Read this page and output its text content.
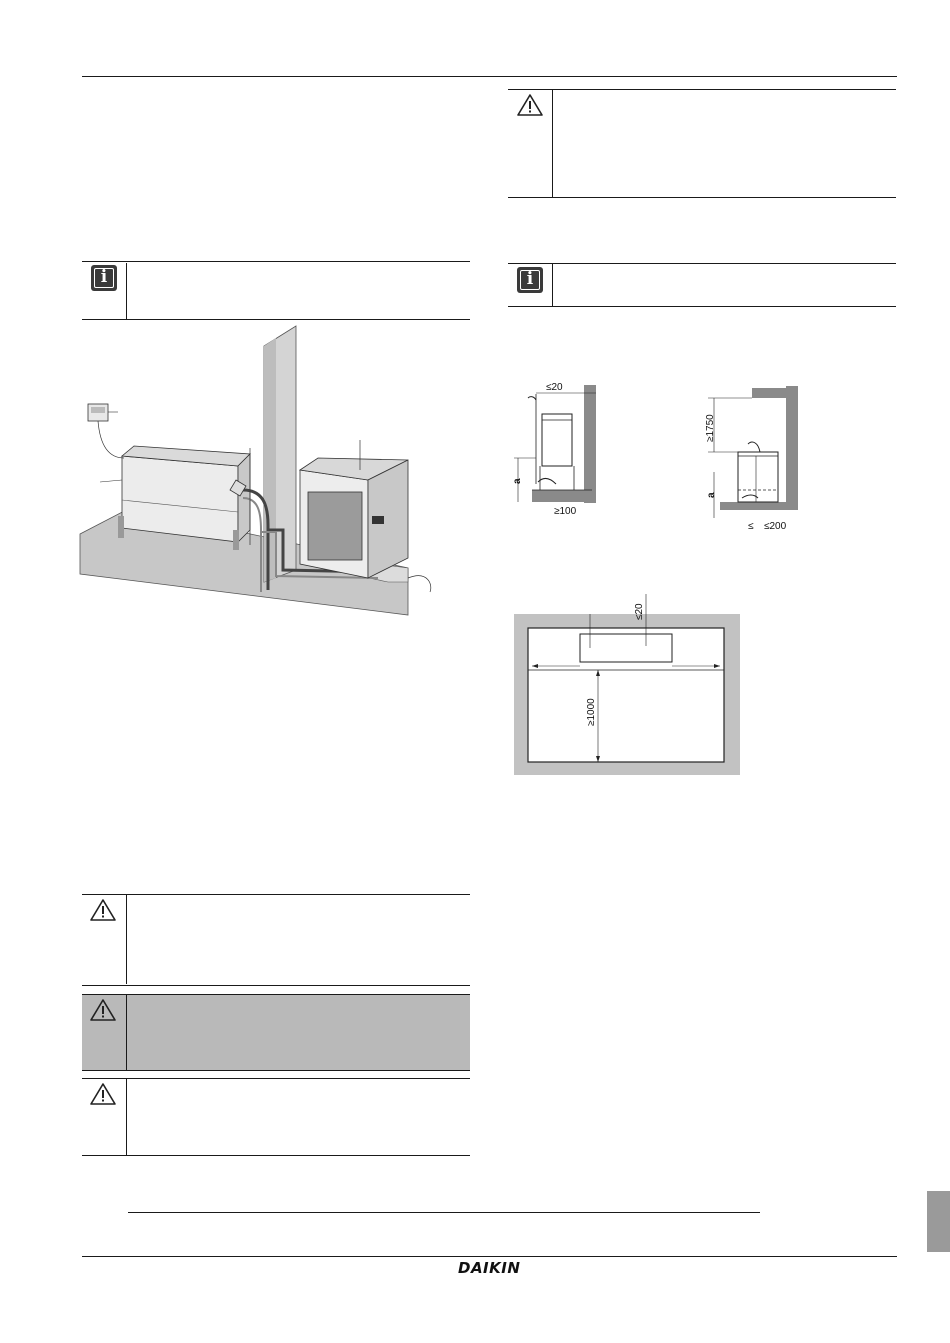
i	i
≤20
a
≥100
≥1750
a
≤ ≤200
≤20
≥1000
DAIKIN
